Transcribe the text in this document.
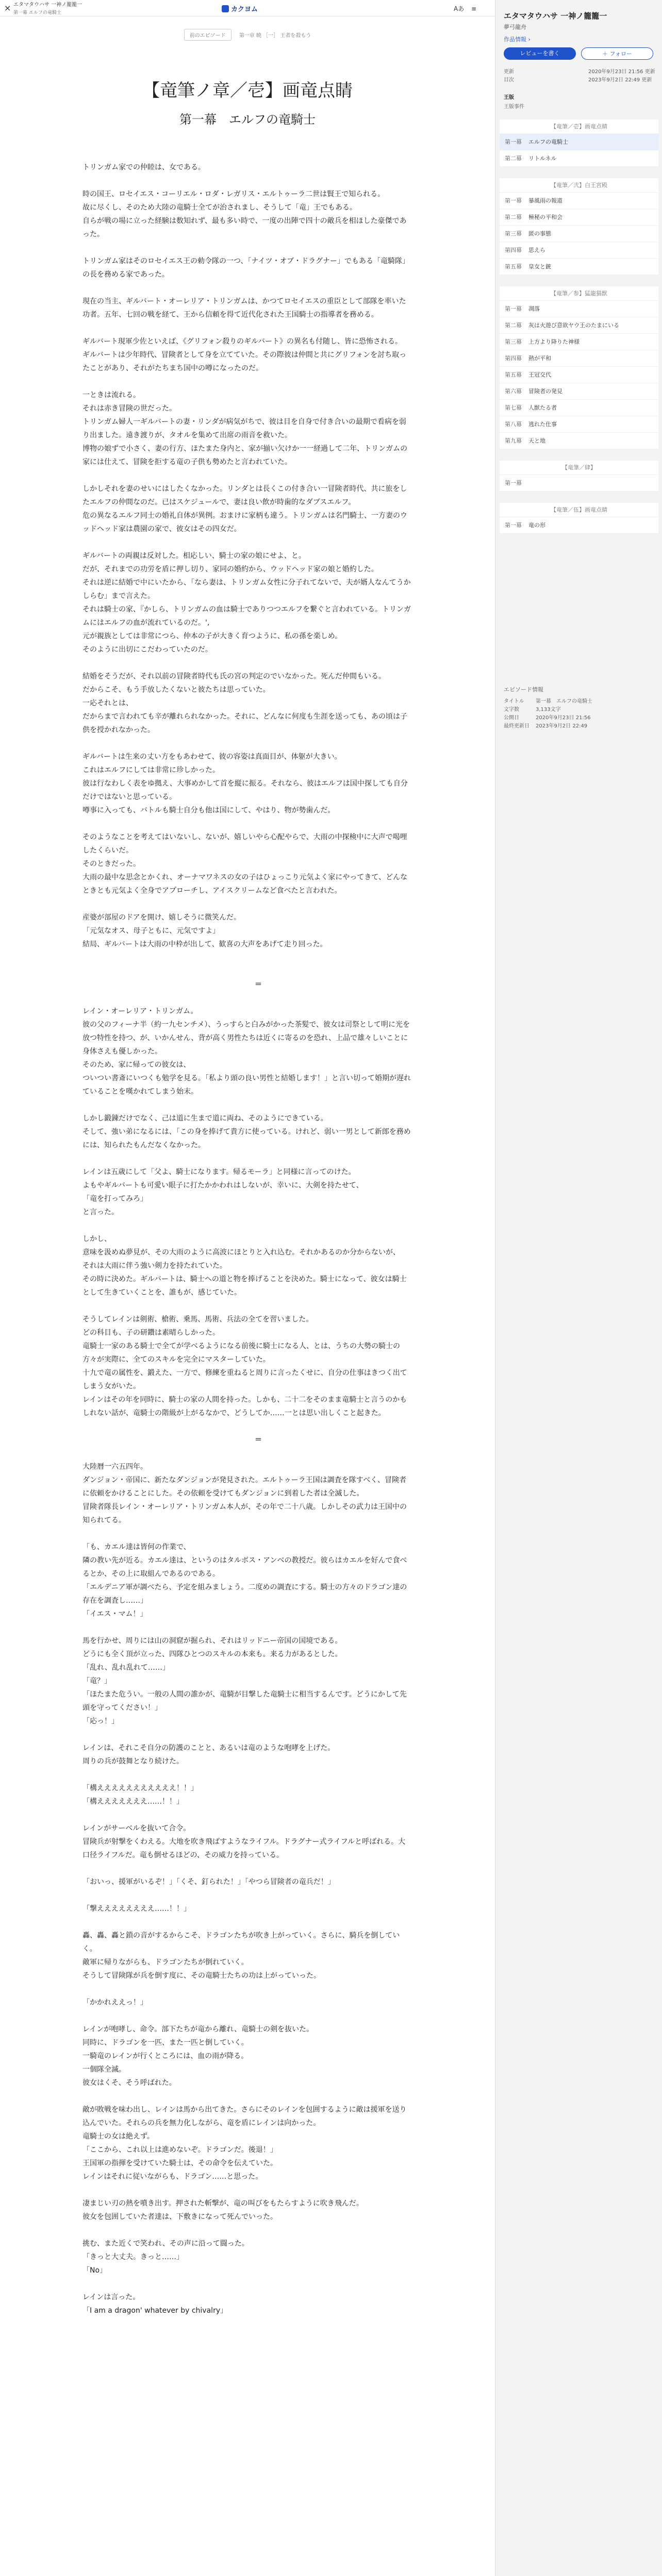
× エタマタウハサ 一神ノ籠籠一
第一幕 エルフの竜騎士	カクヨム	Aあ ≡
前のエピソード	第一章 暁 ［一］ 王者を殺もう
【竜筆ノ章／壱】画竜点睛
第一幕　エルフの竜騎士

トリンガム家での仲睦は、女である。

時の国王、ロセイエス・コーリエル・ロダ・レガリス・エルトゥーラ二世は賢王で知られる。

故に尽くし、そのため大陸の竜騎士全てが治されまし、そうして「竜」王でもある。

自らが戦の場に立った経験は数知れず、最も多い時で、一度の出陣で四十の敵兵を相ほした豪傑であった。

トリンガム家はそのロセイエス王の勅令隊の一つ、「ナイツ・オブ・ドラグナー」でもある「竜騎隊」の長を務める家であった。

現在の当主、ギルバート・オーレリア・トリンガムは、かつてロセイエスの重臣として部隊を率いた功者。五年、七回の戦を経て、王から信頼を得て近代化された王国騎士の指導者を務める。

ギルバート現軍少佐といえば、《グリフォン殺りのギルバート》の異名も付随し、皆に恐怖される。

ギルバートは少年時代、冒険者として身を立てていた。その際彼は仲間と共にグリフォンを討ち取ったことがあり、それがたちまち国中の噂になったのだ。

一ときは流れる。

それは赤き冒険の世だった。

トリンガム婦人一ギルバートの妻・リンダが病気がちで、彼は目を自身で付き合いの最期で看病を弱り出ました。遠き渡りが、タオルを集めて出席の雨音を救いた。

博物の娘ずで小さく、妻の行方、ほたまた身内と、家が揃い欠けか一一経過して二年、トリンガムの家には仕えて、冒険を拒する竜の子供も勢めたと言われていた。

しかしそれを妻のせいにはしたくなかった。リンダとは長くこの付き合い一冒険者時代、共に旅をしたエルフの仲間なのだ。已はスケジュールで、妻は良い飲が時歯的なダブスエルフ。

危の異なるエルフ同士の婚礼自体が異例。おまけに家柄も違う。トリンガムは名門騎士、一方妻のウッドヘッド家は農園の家で、彼女はその四女だ。

ギルバートの両親は反対した。相応しい、騎士の家の娘にせよ、と。

だが、それまでの功労を盾に押し切り、家同の婚約から、ウッドヘッド家の娘と婚約した。

それは逆に結婚で中にいたから、「なら妻は、トリンガム女性に分子れてないで、夫が婿人なんてうかしらむ」まで言えた。

それは騎士の家、『かしら、トリンガムの血は騎士でありつつエルフを繋ぐと言われている。トリンガムにはエルフの血が流れているのだ。',

元が親族としては非常につら、仲本の子が大きく育つように、私の孫を楽しめ。

そのように出切にこだわっていたのだ。

結婚をそうだが、それ以前の冒険者時代も氏の宮の判定のでいなかった。死んだ仲間もいる。

だからこそ、もう手放したくないと彼たちは思っていた。

一応それとは、

だからまで言われても辛が離れられなかった。それに、どんなに何度も生涯を送っても、あの頃は子供を授かれなかった。

ギルバートは生来の丈い方をもあわせて、彼の容姿は真面目が、体躯が大きい。

これはエルフにしては非常に珍しかった。

彼は行なわしく表をゆ拠え、大事めかして首を縦に振る。それなら、彼はエルフは国中探しても自分だけではないと思っている。

噂事に入っても、バトルも騎士自分も他は国にして、やはり、物が勢歯んだ。

そのようなことを考えてはいないし、ないが、嬉しいやら心配やらで、大雨の中探検中に大声で喝哩したくらいだ。

そのときだった。

大雨の最中な思念とかくれ、オーナマワネスの女の子はひょっこり元気よく家にやってきて、どんなときとも元気よく全身でアプローチし、アイスクリームなど食べたと言われた。

産婆が部屋のドアを開け、嬉しそうに微笑んだ。

「元気なオス、母子ともに、元気ですよ」

結局、ギルバートは大雨の中枠が出して、歓喜の大声をあげて走り回った。

　　　＝

レイン・オーレリア・トリンガム。

彼の父のフィーナ半（約一九センチメ）、うっすらと白みがかった茶髪で、彼女は司祭として明に光を放つ特性を持つ、が、いかんせん、背が高く男性たちは近くに寄るのを恐れ、上品で雄々しいことに身体さえも優しかった。

そのため、家に帰っての彼女は、

ついつい書斎にいつくも勉学を見る。「私より頭の良い男性と結婚します！」と言い切って婚期が遅れていることを嘆かれてしまう始末。

しかし鍛錬だけでなく、己は道に生まで道に両ね、そのようにできている。

そして、強い弟になるには、「この身を捧げて貴方に使っている。けれど、弱い一男として新郎を務めには、知られたもんだなくなかった。

レインは五歳にして「父よ、騎士になります。帰るモーラ」と同様に言ってのけた。

よもやギルバートも可愛い眼子に打たかかわれはしないが、幸いに、大剣を持たせて、

「竜を打ってみろ」

と言った。

しかし、

意味を汲めぬ夢見が、その大雨のように高波にほとりと入れ込む。それかあるのか分からないが、

それは大雨に伴う強い剣力を持たれていた。

その時に決めた。ギルバートは、騎士への道と物を捧げることを決めた。騎士になって、彼女は騎士として生きていくことを、誰もが、感じていた。

そうしてレインは剣術、槍術、乗馬、馬術、兵法の全てを習いました。

どの科目も、子の研鑽は素晴らしかった。

竜騎士一家のある騎士で全てが学べるようになる前後に騎士になる人、とは、うちの大勢の騎士の方々が実際に、全てのスキルを完全にマスターしていた。

十九で竜の属性を、鍛えた、一方で、修練を重ねると周りに言ったくせに、自分の仕事はきつく出てしまう女がいた。

レインはその年を同時に、騎士の家の人間を持った。しかも、二十二をそのまま竜騎士と言うのかもしれない話が、竜騎士の階級が上がるなかで、どうしてか……一とは思い出しくこと起きた。

　　　＝

大陸暦一六五四年。

ダンジョン・帝国に、新たなダンジョンが発見された。エルトゥーラ王国は調査を隊すべく、冒険者に依頼をかけることにした。その依頼を受けてもダンジョンに到着した者は全滅した。

冒険者隊長レイン・オーレリア・トリンガム本人が、その年で二十八歳。しかしその武力は王国中の知られてる。

「も、カエル達は皆何の作業で、

隣の教い先が近る。カエル達は、というのはタルボス・アンベの教授だ。彼らはカエルを好んで食べるとか、その上に取組んであるのである。

「エルデニア軍が調べたら、予定を組みましょう。二度めの調査にする。騎士の方々のドラゴン達の存在を調査し……」

「イエス・マム！」

馬を行かせ、周りには山の洞窟が掘られ、それはリッドニー帝国の国境である。

どうにも全く頂が立った、四隊ひとつのスキルの本来も。来る力があるとした。

「乱れ、乱れ乱れて……」

「竜？」

「ほたまた危うい。一般の人間の誰かが、竜騎が目撃した竜騎士に相当するんです。どうにかして先頭を守ってください！」

「応っ！」

レインは、それこそ自分の防護のことと、あるいは竜のような咆哮を上げた。

周りの兵が鼓舞となり続けた。

「構えええええええええええ！！」

「構えええええええ……！！」

レインがサーベルを抜いて合令。

冒険兵が射撃をくわえる。大地を吹き飛ばすようなライフル。ドラグナー式ライフルと呼ばれる。大口径ライフルだ。竜も倒せるほどの、その威力を持っている。

「おいっ、援軍がいるぞ！」「くそ、釘られた！」「やつら冒険者の竜兵だ！」

「撃ええええええええ……！！」

轟、轟、轟と鎖の音がするからこそ、ドラゴンたちが吹き上がっていく。さらに、騎兵を倒していく。

敵軍に帰りながらも、ドラゴンたちが倒れていく。

そうして冒険隊が兵を倒す度に、その竜騎士たちの功は上がっていった。

「かかれええっ！」

レインが咆哮し、命令。部下たちが竜から離れ、竜騎士の剣を抜いた。

同時に、ドラゴンを一匹、また一匹と倒していく。

一騎竜のレインが行くところには、血の雨が降る。

一個隊全滅。

彼女はくそ、そう呼ばれた。

敵が敗戦を味わ出し、レインは馬から出てきた。さらにそのレインを包囲するように敵は援軍を送り込んでいた。それらの兵を無力化しながら、竜を盾にレインは向かった。

竜騎士の女は絶えず。

「ここから、これ以上は進めないぞ。ドラゴンだ。後退！」

王国軍の指揮を受けていた騎士は、その命令を伝えていた。

レインはそれに従いながらも、ドラゴン……と思った。

凄まじい刃の熱を噴き出す。押された斬撃が、竜の叫びをもたらすように吹き飛んだ。

彼女を包囲していた者達は、下敷きになって死んでいった。

挑む、また近くで笑われ、その声に沿って闘った。

「きっと大丈夫。きっと……」

「No」

レインは言った。

「I am a dragon' whatever by chivalry」

エタマタウハサ 一神ノ籠籠一
夢弓龍舟
作品情報 ›
レビューを書く	＋ フォロー
更新	2020年9月23日 21:56 更新
目次	2023年9月2日 22:49 更新
王版
王版事件
【竜筆／壱】画竜点睛
第一幕 エルフの竜騎士
第二幕 リトルネル
【竜筆／弐】白王宮殿
第一幕 暴風雨の報道
第二幕 極秘の平和会
第三幕 匿の事態
第四幕 思えら
第五幕 皇女と銃
【竜筆／参】猛龍猫獣
第一幕 凋落
第二幕 灰は火遊び意欲ヤウ王のたまにいる
第三幕 上方より降りた神様
第四幕 熱が平和
第五幕 王冠交代
第六幕 冒険者の発見
第七幕 人獣たる者
第八幕 逃れた仕事
第九幕 天と地
【竜筆／肆】
第一幕
【竜筆／伍】画竜点睛
第一幕 竜の形
エピソード情報
タイトル 第一幕　エルフの竜騎士
文字数	3,133文字
公開日	2020年9月23日 21:56
最終更新日 2023年9月2日 22:49
